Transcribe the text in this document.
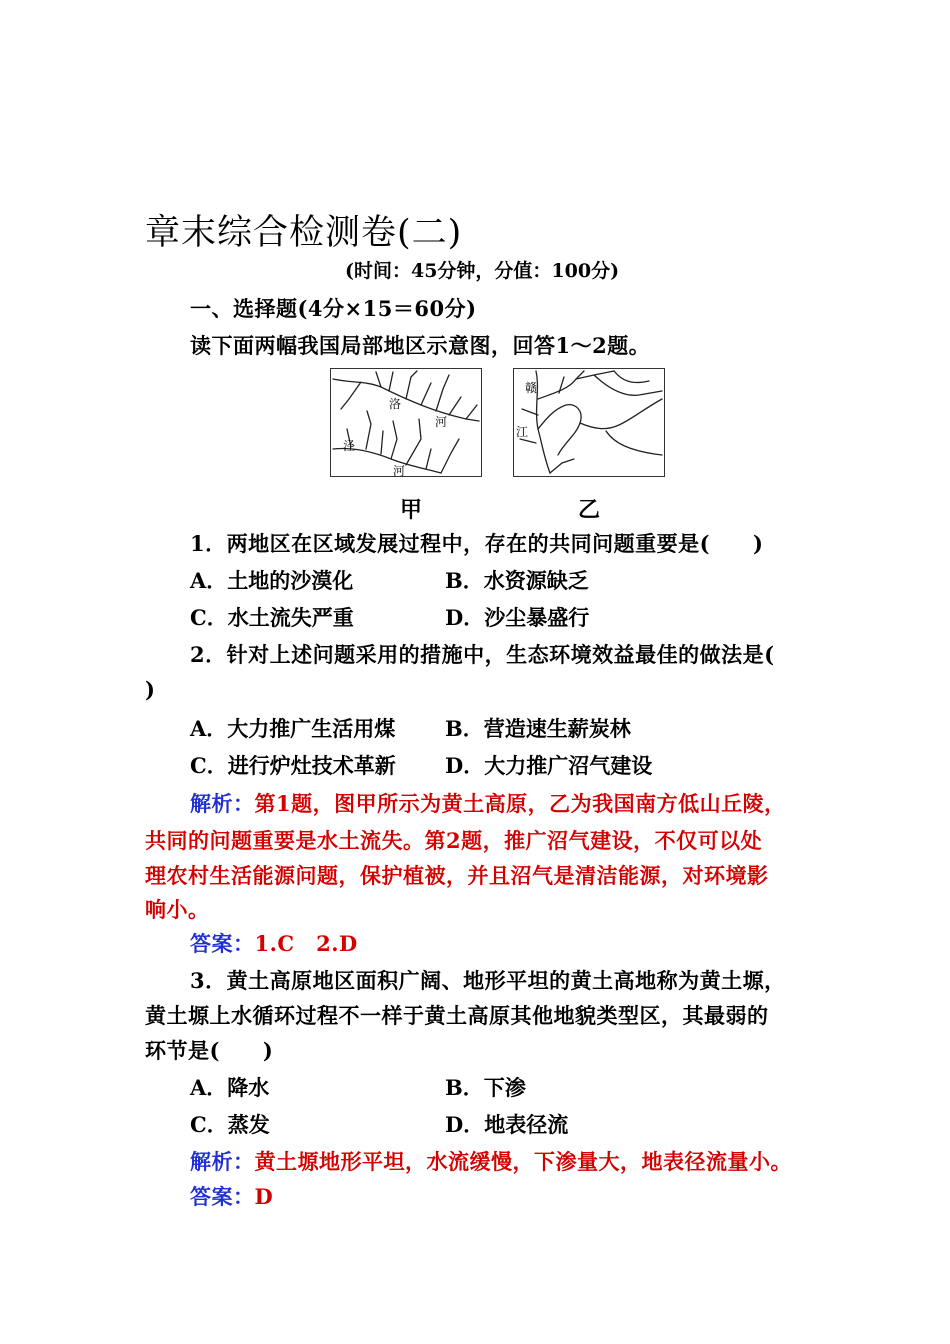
章末综合检测卷(二)
(时间：45分钟，分值：100分)
一、选择题(4分×15＝60分)
读下面两幅我国局部地区示意图，回答1～2题。
洛
河
泾
河
赣
江
甲	乙
1．两地区在区域发展过程中，存在的共同问题重要是(　　)
A．土地的沙漠化	B．水资源缺乏
C．水土流失严重	D．沙尘暴盛行
2．针对上述问题采用的措施中，生态环境效益最佳的做法是(
)
A．大力推广生活用煤 B．营造速生薪炭林
C．进行炉灶技术革新 D．大力推广沼气建设
解析：第1题，图甲所示为黄土高原，乙为我国南方低山丘陵，
共同的问题重要是水土流失。第2题，推广沼气建设，不仅可以处
理农村生活能源问题，保护植被，并且沼气是清洁能源，对环境影
响小。
答案：1.C　2.D
3．黄土高原地区面积广阔、地形平坦的黄土高地称为黄土塬，
黄土塬上水循环过程不一样于黄土高原其他地貌类型区，其最弱的
环节是(　　)
A．降水	B．下渗
C．蒸发	D．地表径流
解析：黄土塬地形平坦，水流缓慢，下渗量大，地表径流量小。
答案：D
